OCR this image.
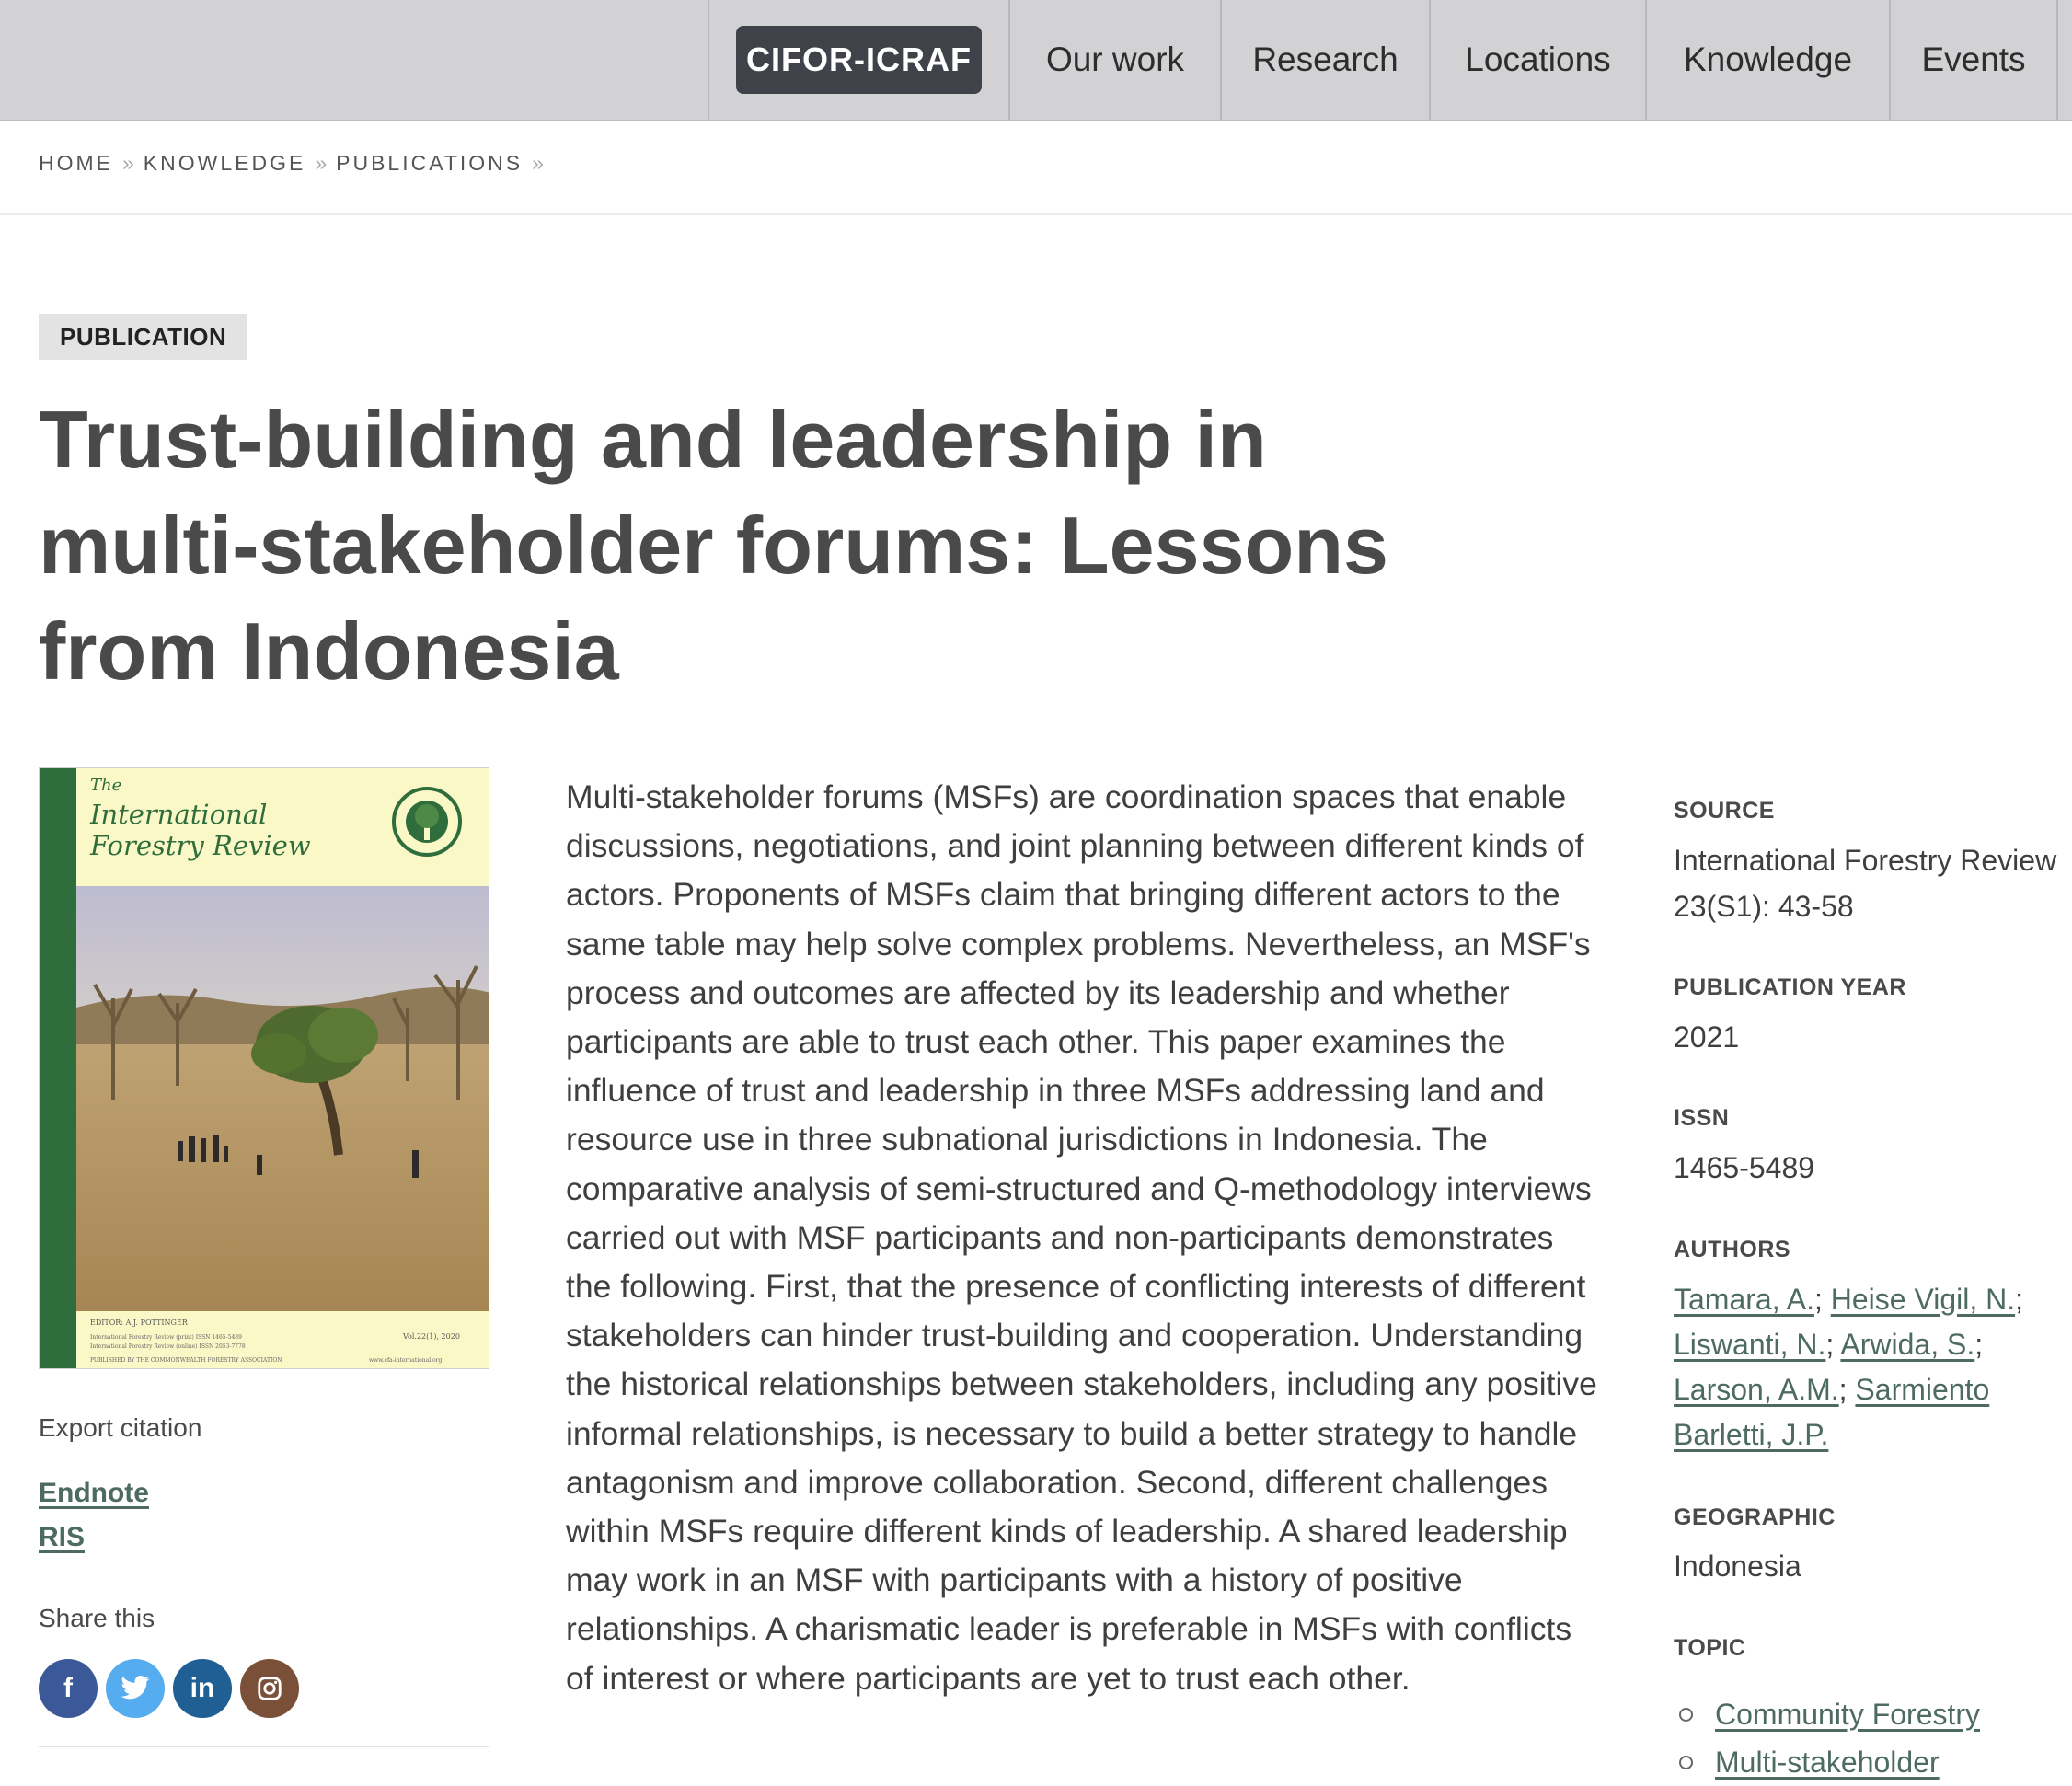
CIFOR-ICRAF	Our work	Research	Locations	Knowledge	Events
HOME » KNOWLEDGE » PUBLICATIONS »
PUBLICATION
Trust-building and leadership in multi-stakeholder forums: Lessons from Indonesia
The
International
Forestry Review
EDITOR: A.J. POTTINGER
International Forestry Review (print) ISSN 1465-5489
International Forestry Review (online) ISSN 2053-7778
Vol.22(1), 2020
PUBLISHED BY THE COMMONWEALTH FORESTRY ASSOCIATION	www.cfa-international.org
Export citation
Endnote
RIS
Share this
f	in

Multi-stakeholder forums (MSFs) are coordination spaces that enable discussions, negotiations, and joint planning between different kinds of actors. Proponents of MSFs claim that bringing different actors to the same table may help solve complex problems. Nevertheless, an MSF's process and outcomes are affected by its leadership and whether participants are able to trust each other. This paper examines the influence of trust and leadership in three MSFs addressing land and resource use in three subnational jurisdictions in Indonesia. The comparative analysis of semi-structured and Q-methodology interviews carried out with MSF participants and non-participants demonstrates the following. First, that the presence of conflicting interests of different stakeholders can hinder trust-building and cooperation. Understanding the historical relationships between stakeholders, including any positive informal relationships, is necessary to build a better strategy to handle antagonism and improve collaboration. Second, different challenges within MSFs require different kinds of leadership. A shared leadership may work in an MSF with participants with a history of positive relationships. A charismatic leader is preferable in MSFs with conflicts of interest or where participants are yet to trust each other.

SOURCE
International Forestry Review
23(S1): 43-58
PUBLICATION YEAR
2021
ISSN
1465-5489
AUTHORS
Tamara, A.; Heise Vigil, N.;
Liswanti, N.; Arwida, S.;
Larson, A.M.; Sarmiento Barletti, J.P.
GEOGRAPHIC
Indonesia
TOPIC
Community Forestry
Multi-stakeholder
